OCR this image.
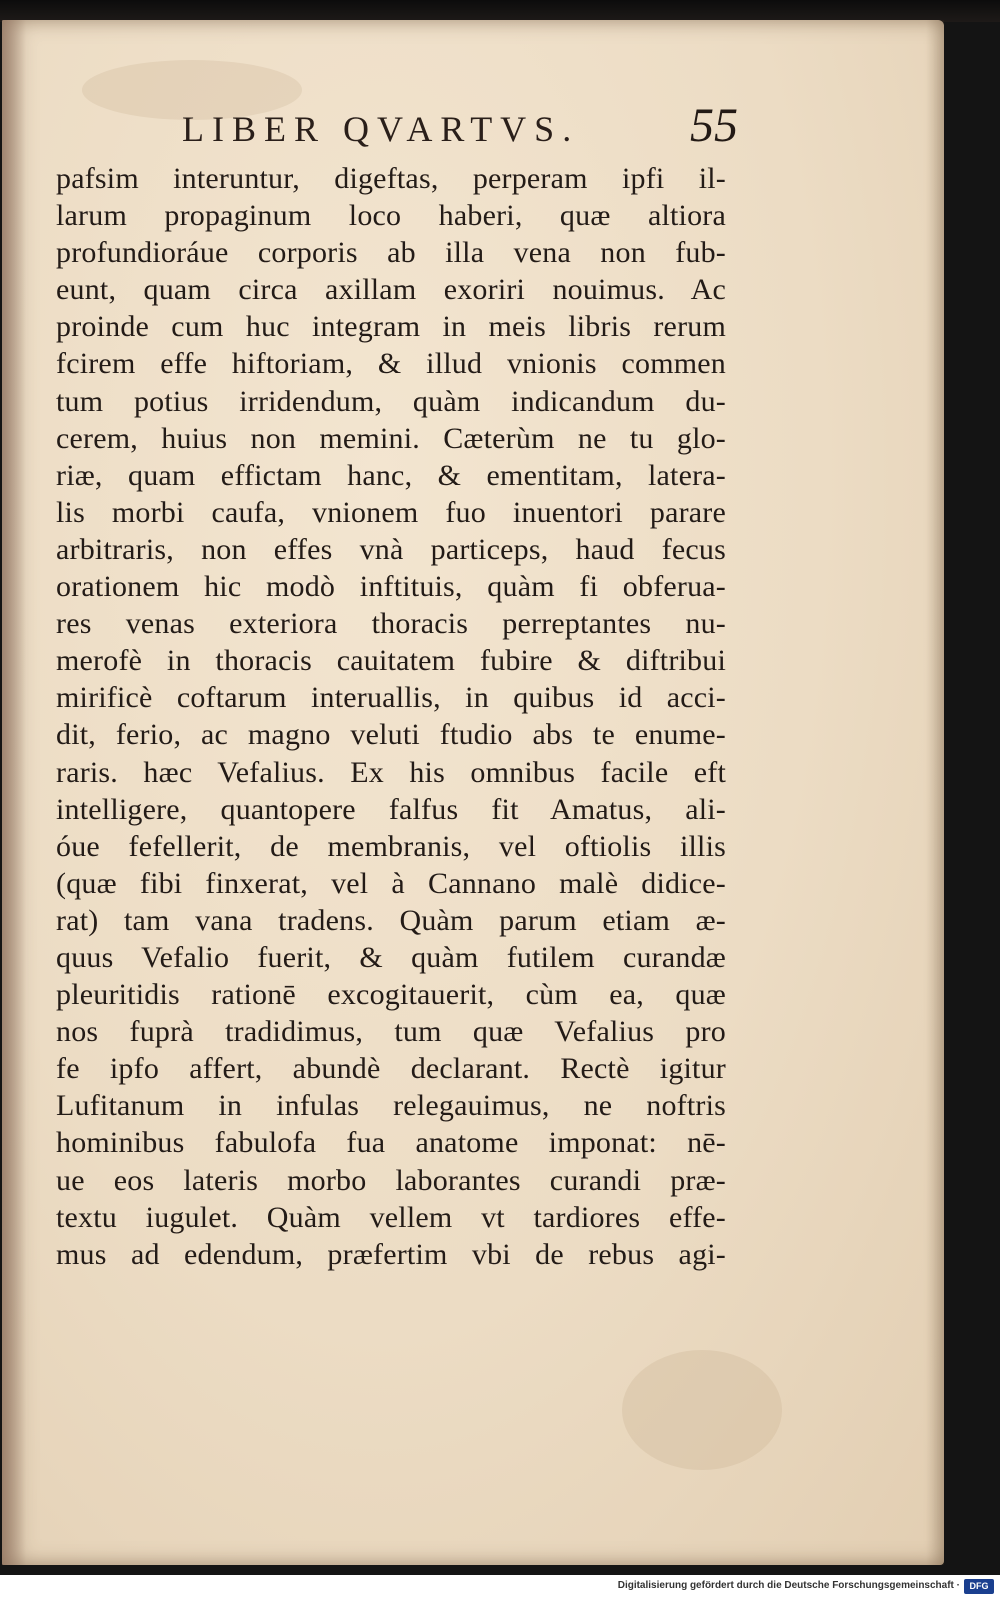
LIBER QVARTVS. 55
pafsim interuntur, digeftas, perperam ipfi il-
larum propaginum loco haberi, quæ altiora
profundioráue corporis ab illa vena non fub-
eunt, quam circa axillam exoriri nouimus. Ac
proinde cum huc integram in meis libris rerum
fcirem effe hiftoriam, & illud vnionis commen
tum potius irridendum, quàm indicandum du-
cerem, huius non memini. Cæterùm ne tu glo-
riæ, quam effictam hanc, & ementitam, latera-
lis morbi caufa, vnionem fuo inuentori parare
arbitraris, non effes vnà particeps, haud fecus
orationem hic modò inftituis, quàm fi obferua-
res venas exteriora thoracis perreptantes nu-
merofè in thoracis cauitatem fubire & diftribui
mirificè coftarum interuallis, in quibus id acci-
dit, ferio, ac magno veluti ftudio abs te enume-
raris. hæc Vefalius. Ex his omnibus facile eft
intelligere, quantopere falfus fit Amatus, ali-
óue fefellerit, de membranis, vel oftiolis illis
(quæ fibi finxerat, vel à Cannano malè didice-
rat) tam vana tradens. Quàm parum etiam æ-
quus Vefalio fuerit, & quàm futilem curandæ
pleuritidis rationē excogitauerit, cùm ea, quæ
nos fuprà tradidimus, tum quæ Vefalius pro
fe ipfo affert, abundè declarant. Rectè igitur
Lufitanum in infulas relegauimus, ne noftris
hominibus fabulofa fua anatome imponat: nē-
ue eos lateris morbo laborantes curandi præ-
textu iugulet. Quàm vellem vt tardiores effe-
mus ad edendum, præfertim vbi de rebus agi-
Digitalisierung gefördert durch die Deutsche Forschungsgemeinschaft ·	DFG
